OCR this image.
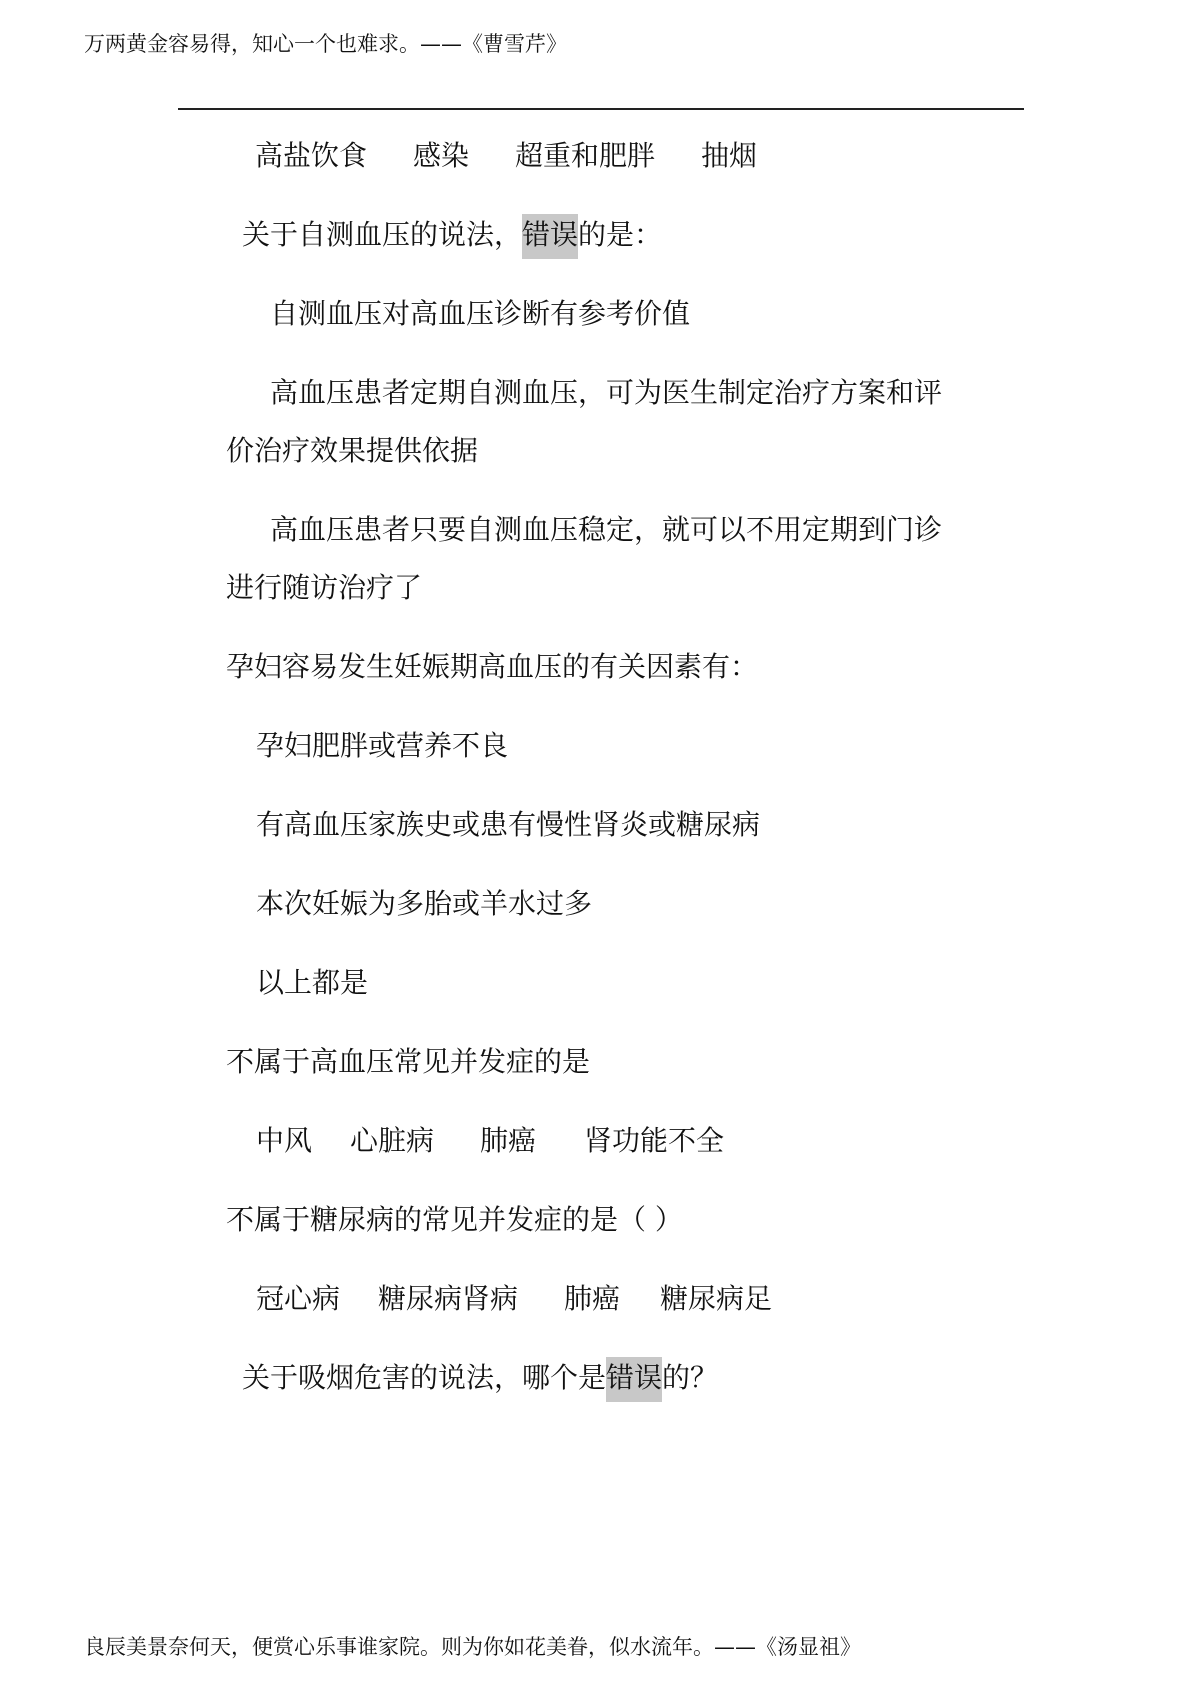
万两黄金容易得，知心一个也难求。——《曹雪芹》
高盐饮食 感染 超重和肥胖 抽烟
关于自测血压的说法，错误的是：
自测血压对高血压诊断有参考价值
高血压患者定期自测血压，可为医生制定治疗方案和评
价治疗效果提供依据
高血压患者只要自测血压稳定，就可以不用定期到门诊
进行随访治疗了
孕妇容易发生妊娠期高血压的有关因素有：
孕妇肥胖或营养不良
有高血压家族史或患有慢性肾炎或糖尿病
本次妊娠为多胎或羊水过多
以上都是
不属于高血压常见并发症的是
中风 心脏病 肺癌 肾功能不全
不属于糖尿病的常见并发症的是（ ）
冠心病 糖尿病肾病 肺癌 糖尿病足
关于吸烟危害的说法，哪个是错误的？
良辰美景奈何天，便赏心乐事谁家院。则为你如花美眷，似水流年。——《汤显祖》
